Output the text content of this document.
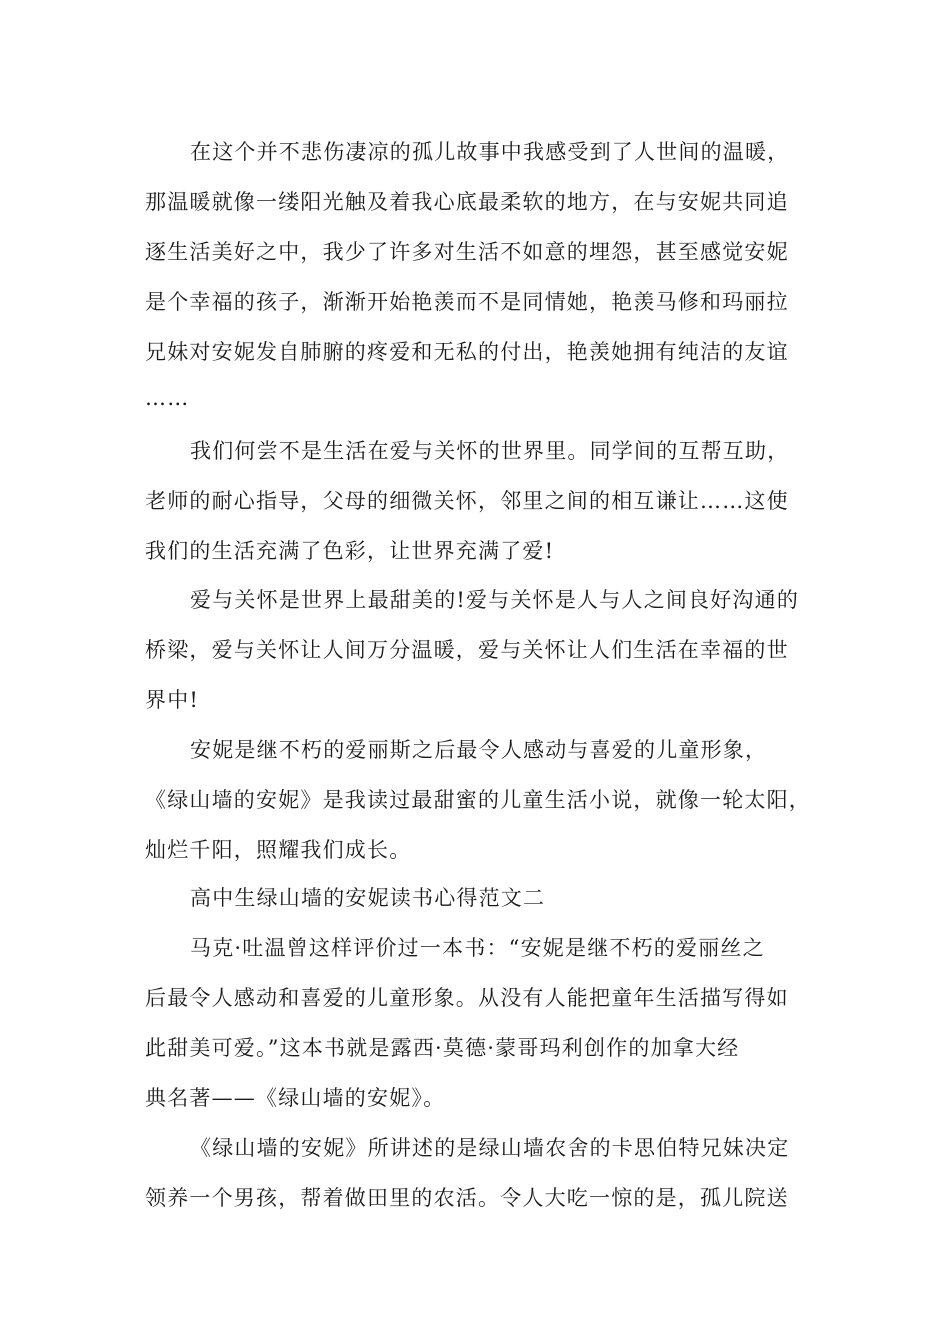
在这个并不悲伤凄凉的孤儿故事中我感受到了人世间的温暖，
那温暖就像一缕阳光触及着我心底最柔软的地方，在与安妮共同追
逐生活美好之中，我少了许多对生活不如意的埋怨，甚至感觉安妮
是个幸福的孩子，渐渐开始艳羡而不是同情她，艳羡马修和玛丽拉
兄妹对安妮发自肺腑的疼爱和无私的付出，艳羡她拥有纯洁的友谊
……
我们何尝不是生活在爱与关怀的世界里。同学间的互帮互助，
老师的耐心指导，父母的细微关怀，邻里之间的相互谦让……这使
我们的生活充满了色彩，让世界充满了爱!
爱与关怀是世界上最甜美的!爱与关怀是人与人之间良好沟通的
桥梁，爱与关怀让人间万分温暖，爱与关怀让人们生活在幸福的世
界中!
安妮是继不朽的爱丽斯之后最令人感动与喜爱的儿童形象，
《绿山墙的安妮》是我读过最甜蜜的儿童生活小说，就像一轮太阳，
灿烂千阳，照耀我们成长。
高中生绿山墙的安妮读书心得范文二
马克·吐温曾这样评价过一本书：“安妮是继不朽的爱丽丝之
后最令人感动和喜爱的儿童形象。从没有人能把童年生活描写得如
此甜美可爱。”这本书就是露西·莫德·蒙哥玛利创作的加拿大经
典名著——《绿山墙的安妮》。
《绿山墙的安妮》所讲述的是绿山墙农舍的卡思伯特兄妹决定
领养一个男孩，帮着做田里的农活。令人大吃一惊的是，孤儿院送
